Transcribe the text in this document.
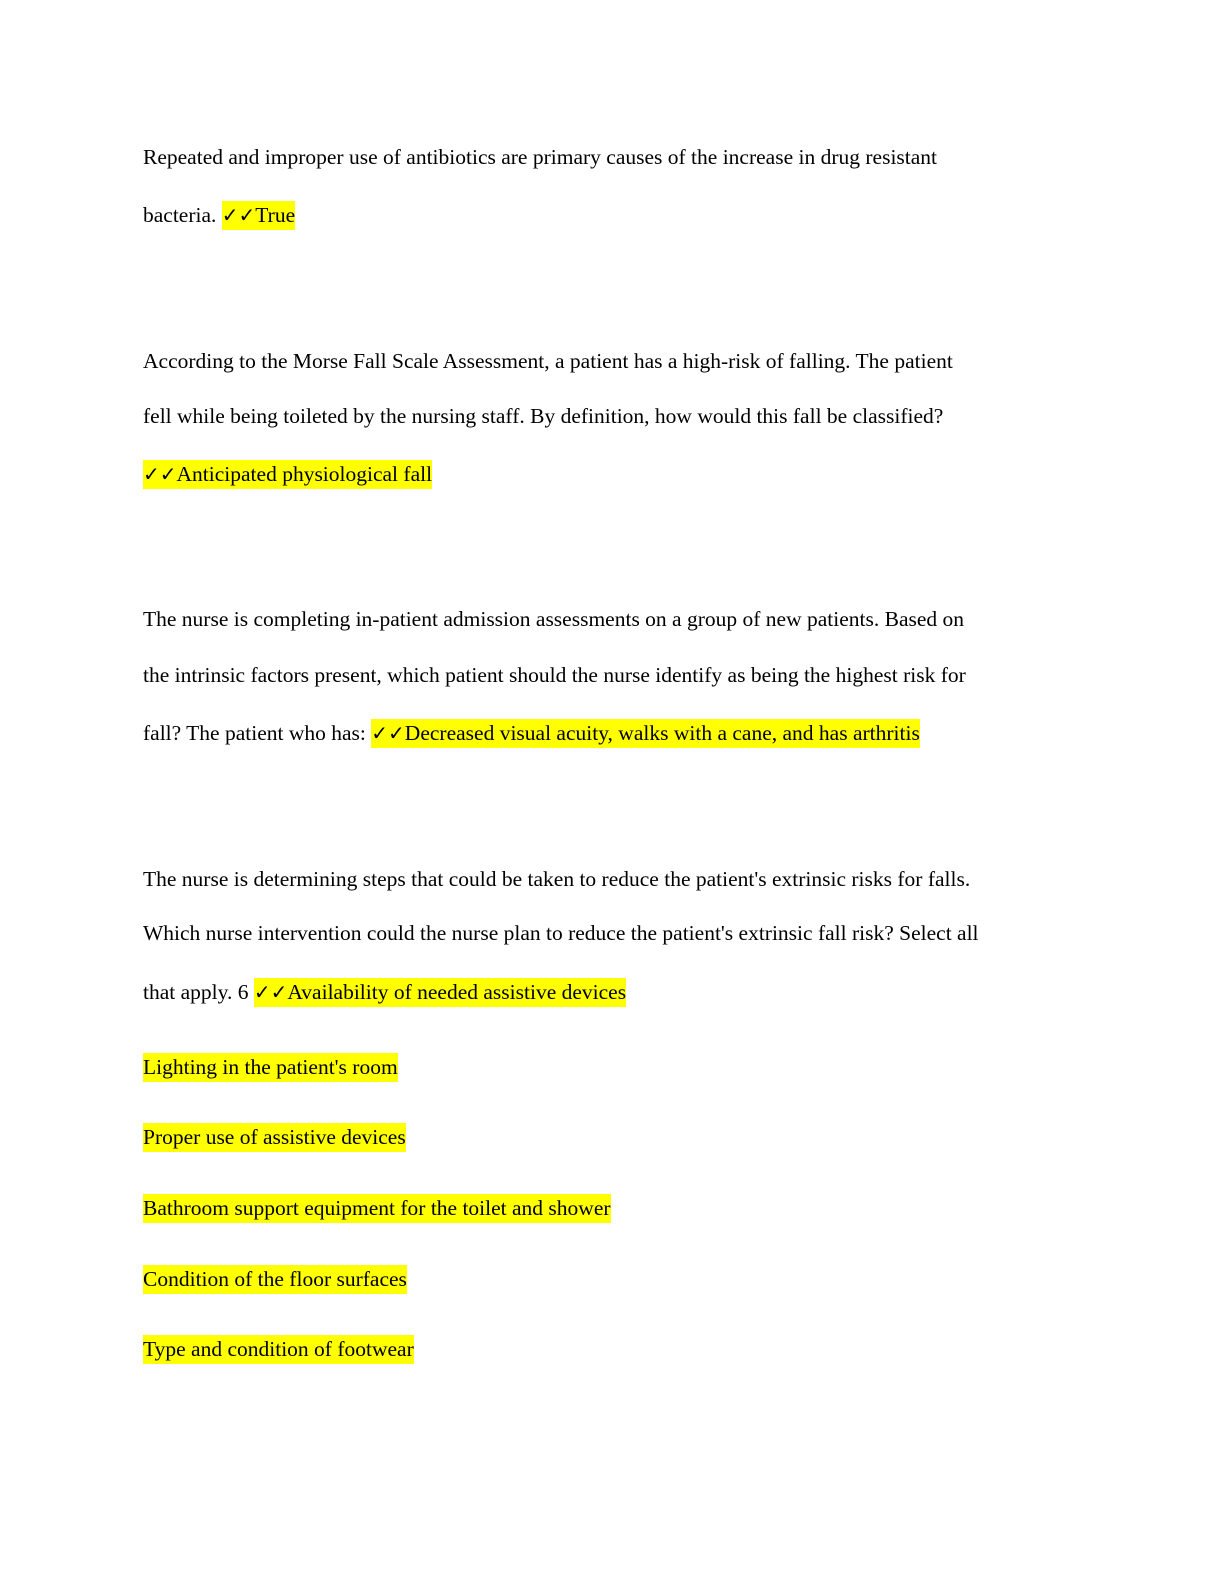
Repeated and improper use of antibiotics are primary causes of the increase in drug resistant
bacteria. ✓✓True
According to the Morse Fall Scale Assessment, a patient has a high-risk of falling. The patient
fell while being toileted by the nursing staff. By definition, how would this fall be classified?
✓✓Anticipated physiological fall
The nurse is completing in-patient admission assessments on a group of new patients. Based on
the intrinsic factors present, which patient should the nurse identify as being the highest risk for
fall? The patient who has: ✓✓Decreased visual acuity, walks with a cane, and has arthritis
The nurse is determining steps that could be taken to reduce the patient's extrinsic risks for falls.
Which nurse intervention could the nurse plan to reduce the patient's extrinsic fall risk? Select all
that apply. 6 ✓✓Availability of needed assistive devices
Lighting in the patient's room
Proper use of assistive devices
Bathroom support equipment for the toilet and shower
Condition of the floor surfaces
Type and condition of footwear
